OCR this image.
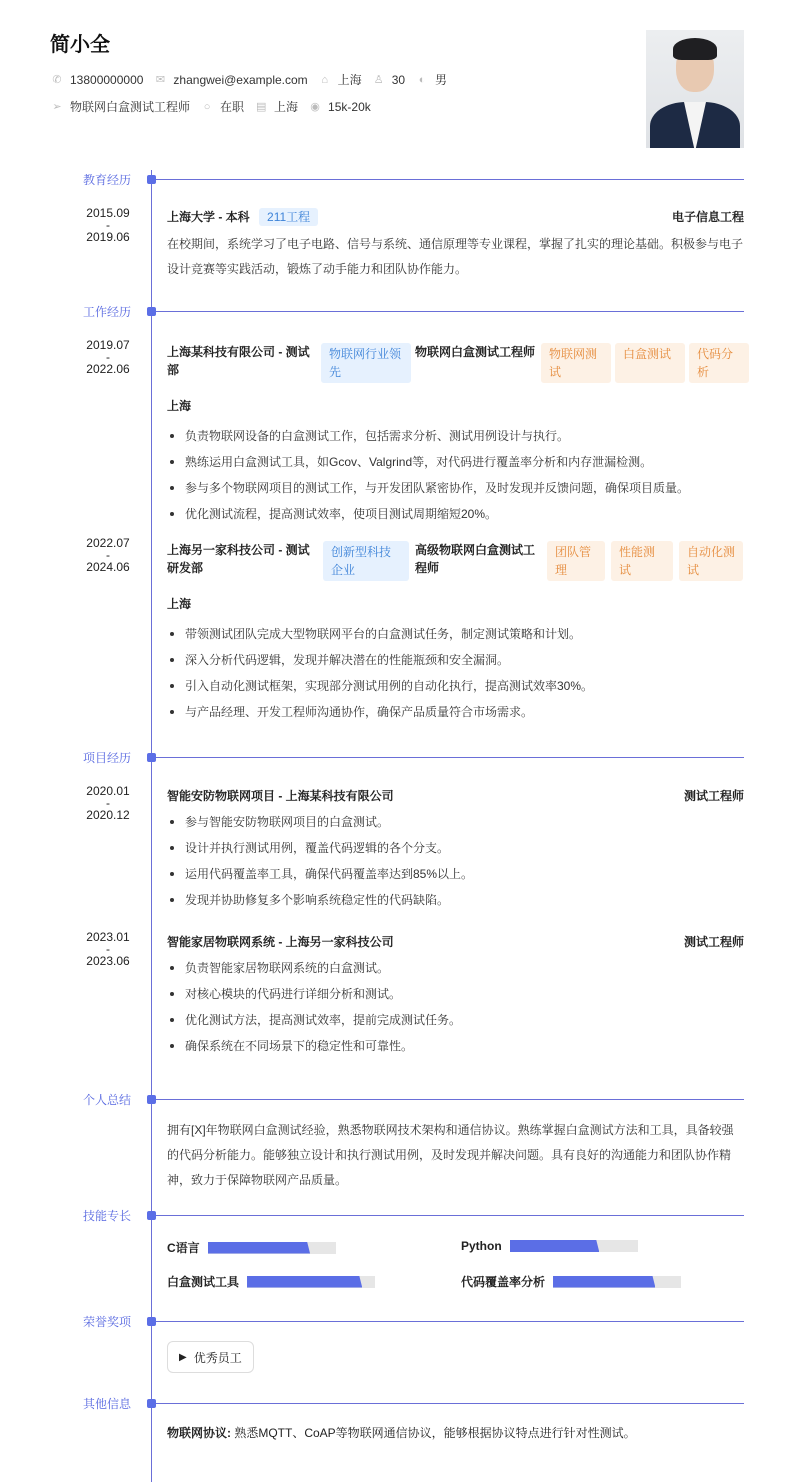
简小全
✆ 13800000000 ✉ zhangwei@example.com ⌂ 上海 ♙ 30 ◐ 男
➢ 物联网白盒测试工程师 ○ 在职 ▤ 上海 ◉ 15k-20k
教育经历
2015.09
-
2019.06
上海大学 - 本科 211工程	电子信息工程
在校期间，系统学习了电子电路、信号与系统、通信原理等专业课程，掌握了扎实的理论基础。积极参与电子设计竞赛等实践活动，锻炼了动手能力和团队协作能力。
工作经历
2019.07
-
2022.06
上海某科技有限公司 - 测试部
物联网行业领先
物联网白盒测试工程师	物联网测试
白盒测试	代码分析
上海
负责物联网设备的白盒测试工作，包括需求分析、测试用例设计与执行。
熟练运用白盒测试工具，如Gcov、Valgrind等，对代码进行覆盖率分析和内存泄漏检测。
参与多个物联网项目的测试工作，与开发团队紧密协作，及时发现并反馈问题，确保项目质量。
优化测试流程，提高测试效率，使项目测试周期缩短20%。
2022.07
-
2024.06
上海另一家科技公司 - 测试研发部
创新型科技企业
高级物联网白盒测试工程师
团队管理
性能测试
自动化测试
上海
带领测试团队完成大型物联网平台的白盒测试任务，制定测试策略和计划。
深入分析代码逻辑，发现并解决潜在的性能瓶颈和安全漏洞。
引入自动化测试框架，实现部分测试用例的自动化执行，提高测试效率30%。
与产品经理、开发工程师沟通协作，确保产品质量符合市场需求。
项目经历
2020.01
-
2020.12
智能安防物联网项目 - 上海某科技有限公司	测试工程师
参与智能安防物联网项目的白盒测试。
设计并执行测试用例，覆盖代码逻辑的各个分支。
运用代码覆盖率工具，确保代码覆盖率达到85%以上。
发现并协助修复多个影响系统稳定性的代码缺陷。
2023.01
-
2023.06
智能家居物联网系统 - 上海另一家科技公司	测试工程师
负责智能家居物联网系统的白盒测试。
对核心模块的代码进行详细分析和测试。
优化测试方法，提高测试效率，提前完成测试任务。
确保系统在不同场景下的稳定性和可靠性。
个人总结
拥有[X]年物联网白盒测试经验，熟悉物联网技术架构和通信协议。熟练掌握白盒测试方法和工具，具备较强的代码分析能力。能够独立设计和执行测试用例，及时发现并解决问题。具有良好的沟通能力和团队协作精神，致力于保障物联网产品质量。
技能专长
C语言	Python
白盒测试工具	代码覆盖率分析
荣誉奖项
▶ 优秀员工
其他信息
物联网协议: 熟悉MQTT、CoAP等物联网通信协议，能够根据协议特点进行针对性测试。
